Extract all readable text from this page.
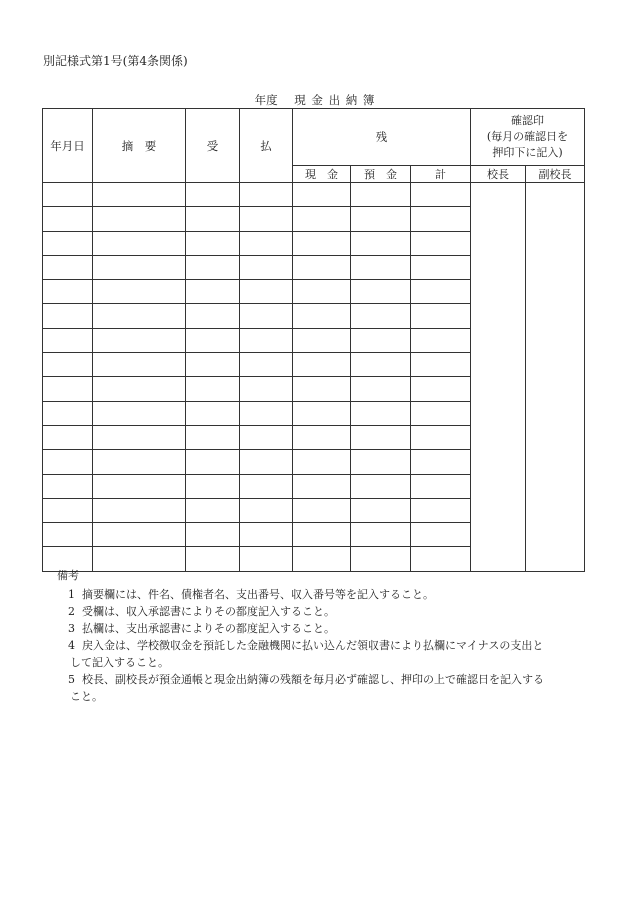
別記様式第1号(第4条関係)
年度 現 金 出 納 簿
年月日	摘　要	受	払	残			確認印
(毎月の確認日を
押印下に記入)	

				現　金	預　金	計	校長	副校長

備考
1 摘要欄には、件名、債権者名、支出番号、収入番号等を記入すること。
2 受欄は、収入承認書によりその都度記入すること。
3 払欄は、支出承認書によりその都度記入すること。
4 戻入金は、学校徴収金を預託した金融機関に払い込んだ領収書により払欄にマイナスの支出と
して記入すること。
5 校長、副校長が預金通帳と現金出納簿の残額を毎月必ず確認し、押印の上で確認日を記入する
こと。
